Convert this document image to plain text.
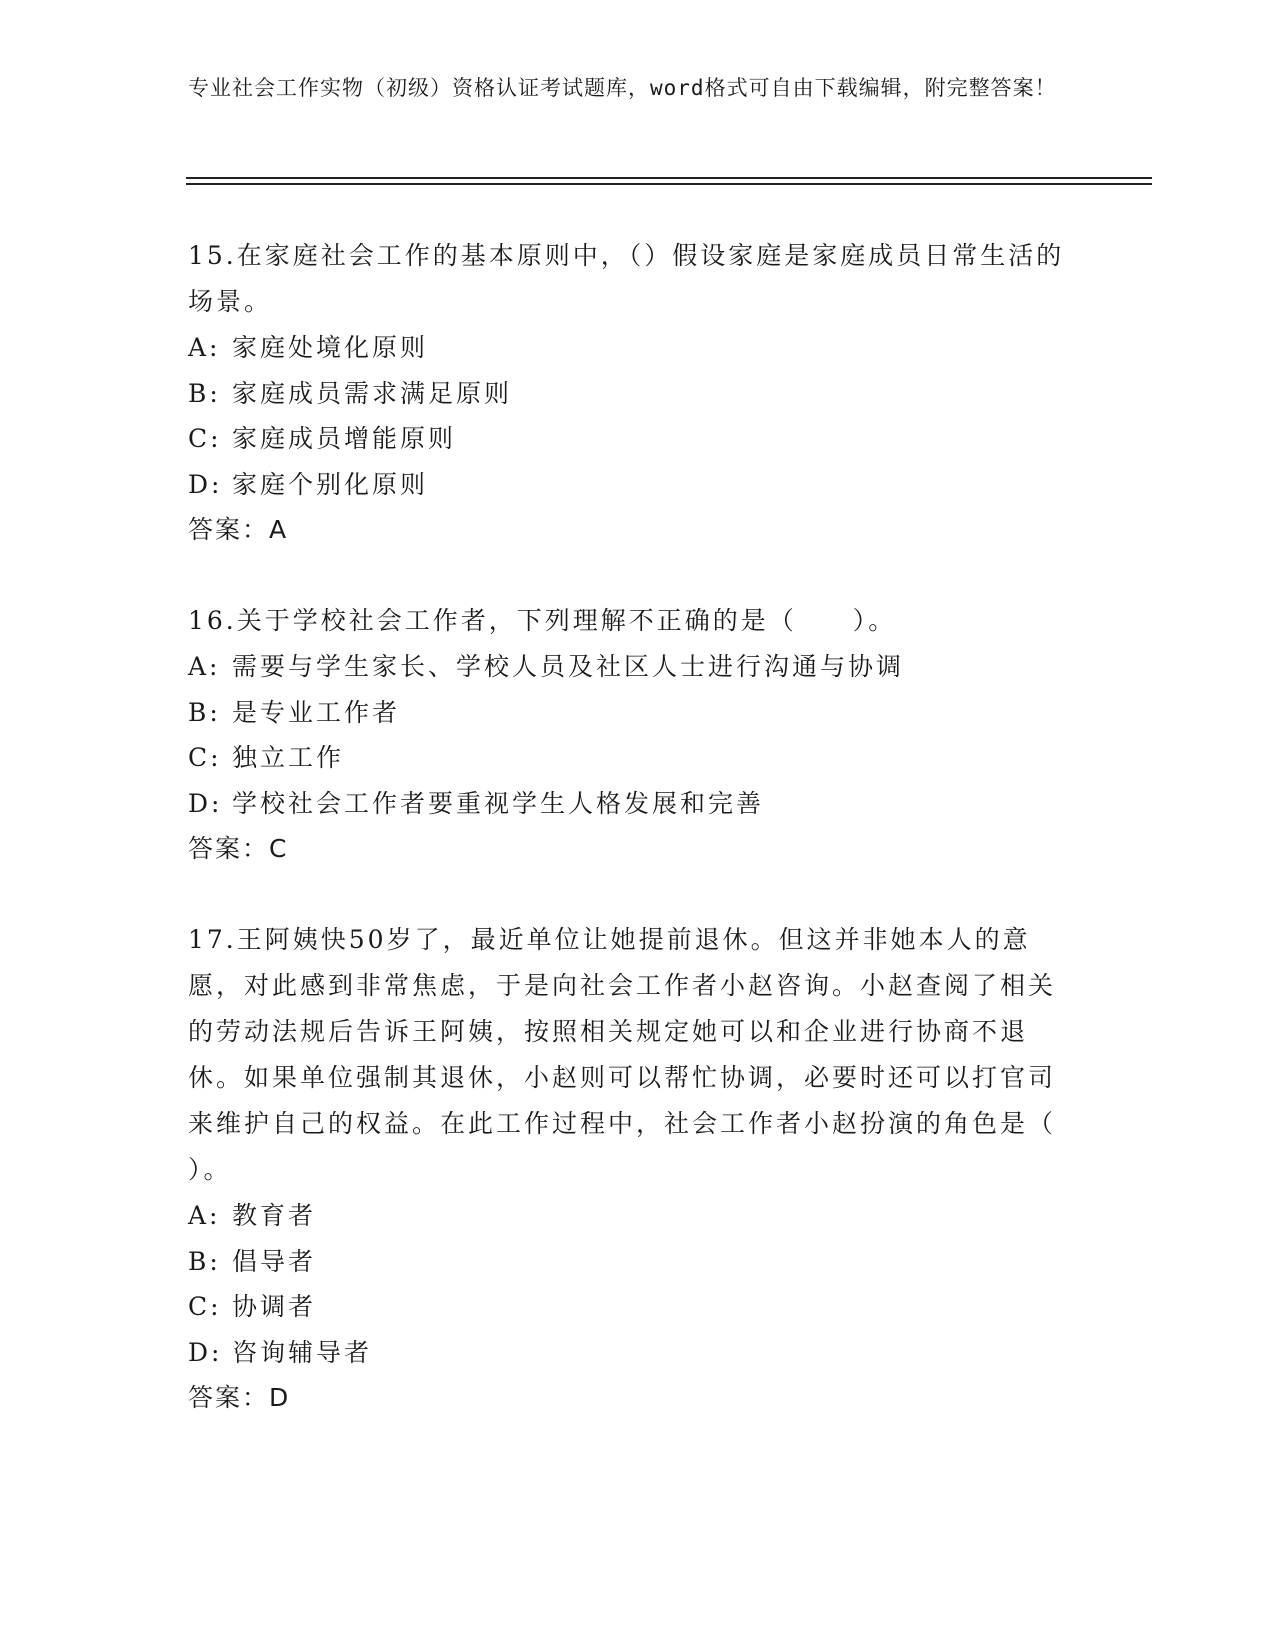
专业社会工作实物（初级）资格认证考试题库，word格式可自由下载编辑，附完整答案！
15.在家庭社会工作的基本原则中，（）假设家庭是家庭成员日常生活的场景。
A: 家庭处境化原则
B: 家庭成员需求满足原则
C: 家庭成员增能原则
D: 家庭个别化原则
答案：A
16.关于学校社会工作者，下列理解不正确的是（　　）。
A: 需要与学生家长、学校人员及社区人士进行沟通与协调
B: 是专业工作者
C: 独立工作
D: 学校社会工作者要重视学生人格发展和完善
答案：C
17.王阿姨快50岁了，最近单位让她提前退休。但这并非她本人的意愿，对此感到非常焦虑，于是向社会工作者小赵咨询。小赵查阅了相关的劳动法规后告诉王阿姨，按照相关规定她可以和企业进行协商不退休。如果单位强制其退休，小赵则可以帮忙协调，必要时还可以打官司来维护自己的权益。在此工作过程中，社会工作者小赵扮演的角色是（ ）。
A: 教育者
B: 倡导者
C: 协调者
D: 咨询辅导者
答案：D
